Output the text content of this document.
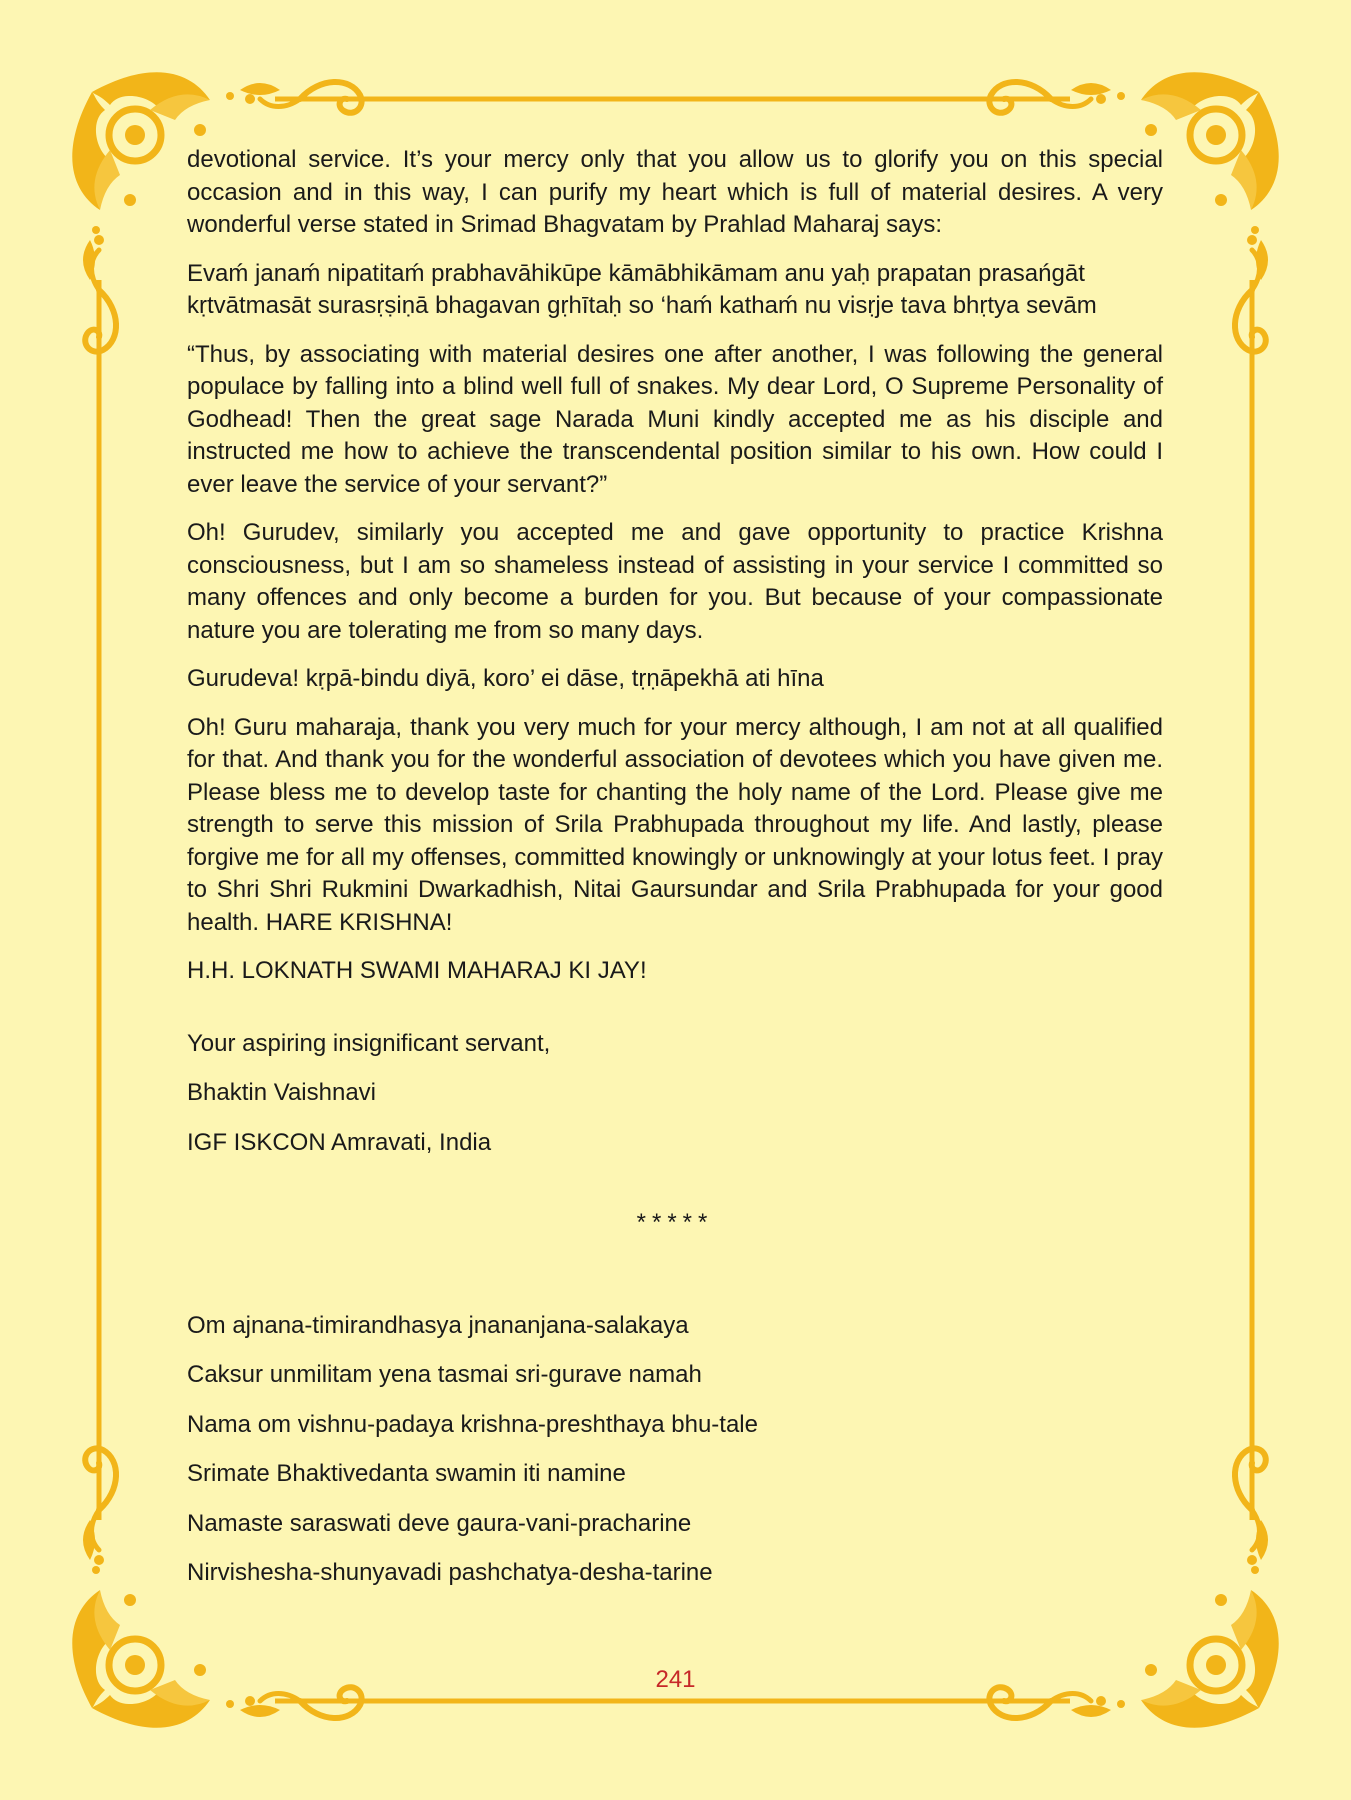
devotional service. It’s your mercy only that you allow us to glorify you on this special occasion and in this way, I can purify my heart which is full of material desires. A very wonderful verse stated in Srimad Bhagvatam by Prahlad Maharaj says:

Evaḿ janaḿ nipatitaḿ prabhavāhikūpe kāmābhikāmam anu yaḥ prapatan prasańgāt
kṛtvātmasāt surasṛṣiṇā bhagavan gṛhītaḥ so ‘haḿ kathaḿ nu visṛje tava bhṛtya sevām

“Thus, by associating with material desires one after another, I was following the general populace by falling into a blind well full of snakes. My dear Lord, O Supreme Personality of Godhead! Then the great sage Narada Muni kindly accepted me as his disciple and instructed me how to achieve the transcendental position similar to his own. How could I ever leave the service of your servant?”

Oh! Gurudev, similarly you accepted me and gave opportunity to practice Krishna consciousness, but I am so shameless instead of assisting in your service I committed so many offences and only become a burden for you. But because of your compassionate nature you are tolerating me from so many days.

Gurudeva! kṛpā-bindu diyā, koro’ ei dāse, tṛṇāpekhā ati hīna

Oh! Guru maharaja, thank you very much for your mercy although, I am not at all qualified for that. And thank you for the wonderful association of devotees which you have given me. Please bless me to develop taste for chanting the holy name of the Lord. Please give me strength to serve this mission of Srila Prabhupada throughout my life. And lastly, please forgive me for all my offenses, committed knowingly or unknowingly at your lotus feet. I pray to Shri Shri Rukmini Dwarkadhish, Nitai Gaursundar and Srila Prabhupada for your good health. HARE KRISHNA!

H.H. LOKNATH SWAMI MAHARAJ KI JAY!

Your aspiring insignificant servant,

Bhaktin Vaishnavi

IGF ISKCON Amravati, India

*****

Om ajnana-timirandhasya jnananjana-salakaya

Caksur unmilitam yena tasmai sri-gurave namah

Nama om vishnu-padaya krishna-preshthaya bhu-tale

Srimate Bhaktivedanta swamin iti namine

Namaste saraswati deve gaura-vani-pracharine

Nirvishesha-shunyavadi pashchatya-desha-tarine

241
